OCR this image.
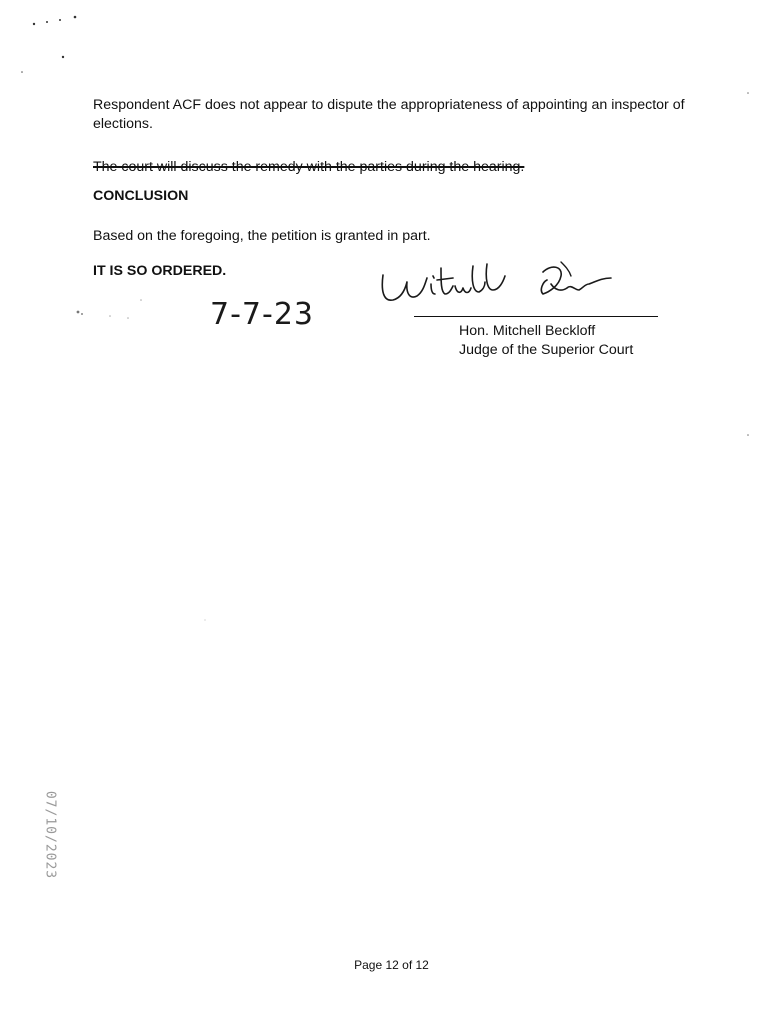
Respondent ACF does not appear to dispute the appropriateness of appointing an inspector of elections.
The court will discuss the remedy with the parties during the hearing.
CONCLUSION
Based on the foregoing, the petition is granted in part.
IT IS SO ORDERED.
7-7-23	Hon. Mitchell Beckloff
Judge of the Superior Court
07/10/2023
Page 12 of 12
